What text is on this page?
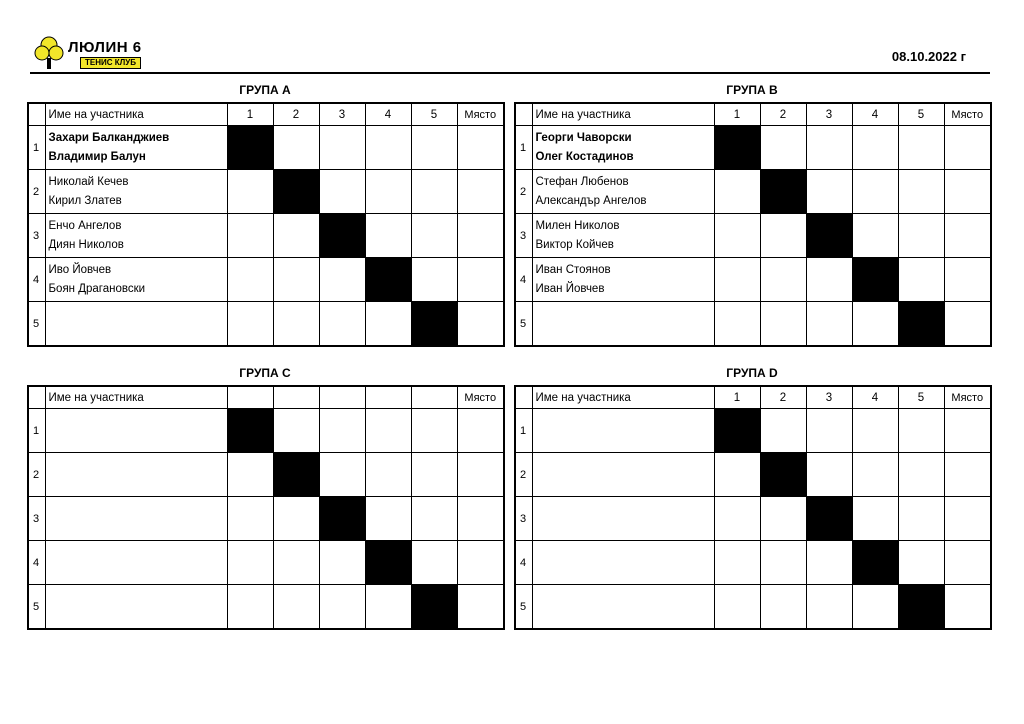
ЛЮЛИН 6
ТЕНИС КЛУБ	08.10.2022 г
ГРУПА А
	Име на участника	1	2	3	4	5	Място
1	Захари Балканджиев
Владимир Балун						

2	Николай Кечев
Кирил Златев						

3	Енчо Ангелов
Диян Николов						

4	Иво Йовчев
Боян Драгановски						

5	

ГРУПА В
	Име на участника	1	2	3	4	5	Място
1	Георги Чаворски
Олег Костадинов						

2	Стефан Любенов
Александър Ангелов						

3	Милен Николов
Виктор Койчев						

4	Иван Стоянов
Иван Йовчев						

5	

ГРУПА С
	Име на участника						Място
1	

2	

3	

4	

5	

ГРУПА D
	Име на участника	1	2	3	4	5	Място
1	

2	

3	

4	

5	
